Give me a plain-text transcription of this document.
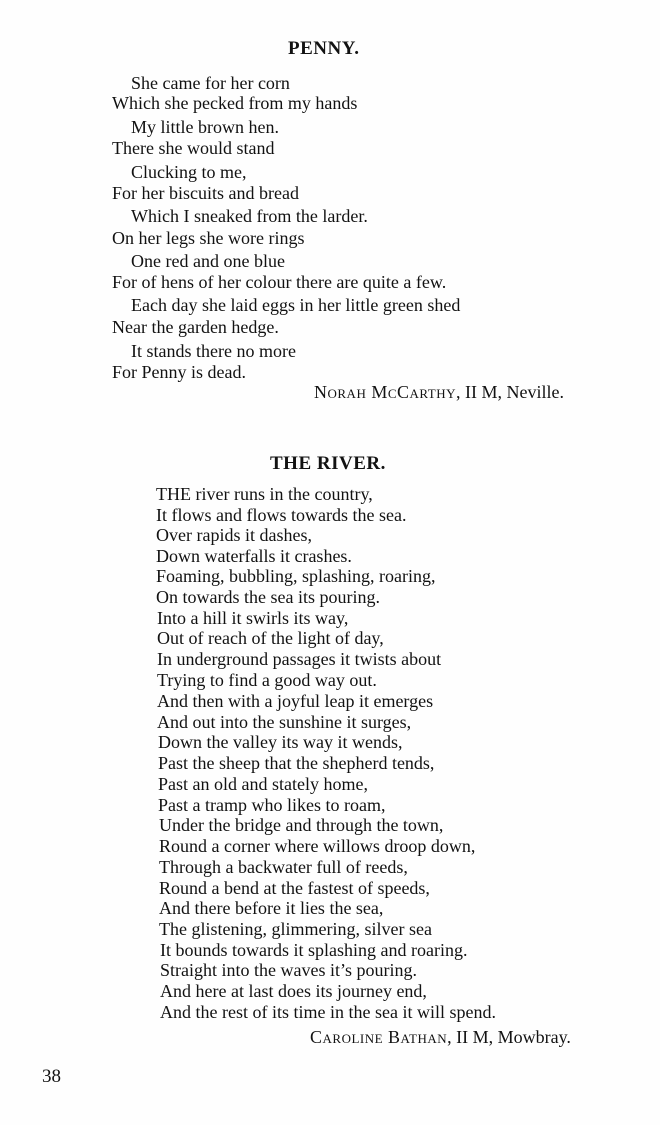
PENNY.
She came for her corn
Which she pecked from my hands
My little brown hen.
There she would stand
Clucking to me,
For her biscuits and bread
Which I sneaked from the larder.
On her legs she wore rings
One red and one blue
For of hens of her colour there are quite a few.
Each day she laid eggs in her little green shed
Near the garden hedge.
It stands there no more
For Penny is dead.
Norah McCarthy, II M, Neville.
THE RIVER.
THE river runs in the country,
It flows and flows towards the sea.
Over rapids it dashes,
Down waterfalls it crashes.
Foaming, bubbling, splashing, roaring,
On towards the sea its pouring.
Into a hill it swirls its way,
Out of reach of the light of day,
In underground passages it twists about
Trying to find a good way out.
And then with a joyful leap it emerges
And out into the sunshine it surges,
Down the valley its way it wends,
Past the sheep that the shepherd tends,
Past an old and stately home,
Past a tramp who likes to roam,
Under the bridge and through the town,
Round a corner where willows droop down,
Through a backwater full of reeds,
Round a bend at the fastest of speeds,
And there before it lies the sea,
The glistening, glimmering, silver sea
It bounds towards it splashing and roaring.
Straight into the waves it’s pouring.
And here at last does its journey end,
And the rest of its time in the sea it will spend.
Caroline Bathan, II M, Mowbray.
38
